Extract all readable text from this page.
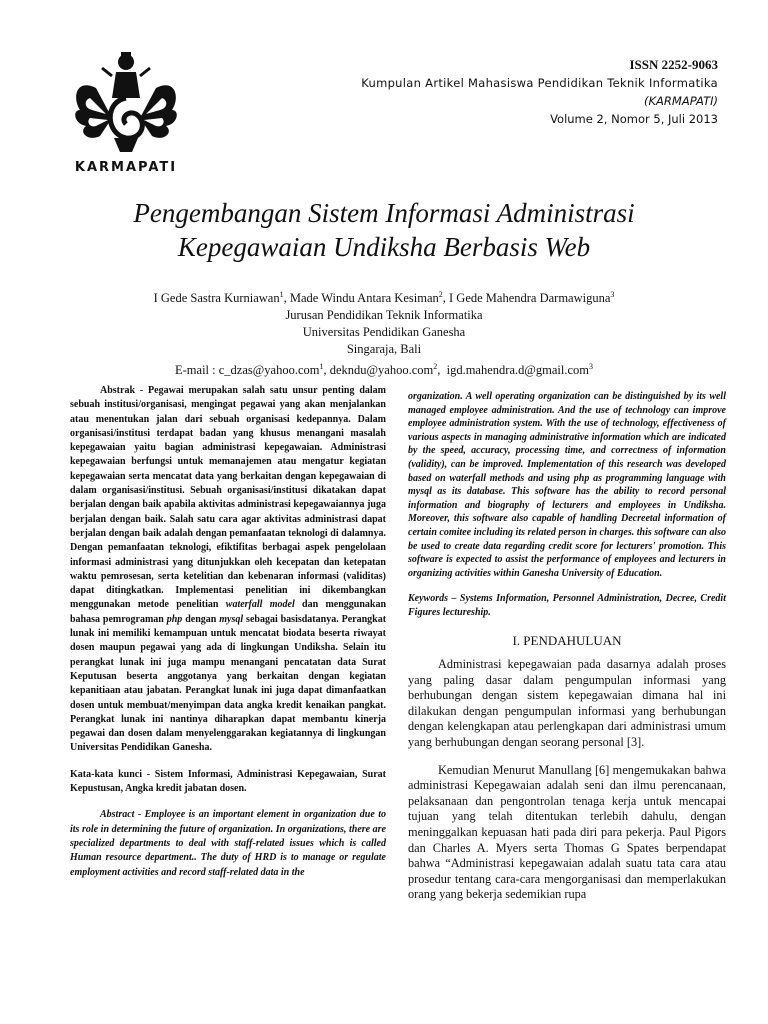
KARMAPATI
ISSN 2252-9063
Kumpulan Artikel Mahasiswa Pendidikan Teknik Informatika
(KARMAPATI)
Volume 2, Nomor 5, Juli 2013
Pengembangan Sistem Informasi Administrasi
Kepegawaian Undiksha Berbasis Web
I Gede Sastra Kurniawan$^1$, Made Windu Antara Kesiman$^2$, I Gede Mahendra Darmawiguna$^3$
Jurusan Pendidikan Teknik Informatika
Universitas Pendidikan Ganesha
Singaraja, Bali
E-mail : c_dzas@yahoo.com$^1$, dekndu@yahoo.com$^2$,  igd.mahendra.d@gmail.com$^3$

Abstrak - Pegawai merupakan salah satu unsur penting dalam sebuah institusi/organisasi, mengingat pegawai yang akan menjalankan atau menentukan jalan dari sebuah organisasi kedepannya. Dalam organisasi/institusi terdapat badan yang khusus menangani masalah kepegawaian yaitu bagian administrasi kepegawaian. Administrasi kepegawaian berfungsi untuk memanajemen atau mengatur kegiatan kepegawaian serta mencatat data yang berkaitan dengan kepegawaian di dalam organisasi/institusi. Sebuah organisasi/institusi dikatakan dapat berjalan dengan baik apabila aktivitas administrasi kepegawaiannya juga berjalan dengan baik. Salah satu cara agar aktivitas administrasi dapat berjalan dengan baik adalah dengan pemanfaatan teknologi di dalamnya. Dengan pemanfaatan teknologi, efiktifitas berbagai aspek pengelolaan informasi administrasi yang ditunjukkan oleh kecepatan dan ketepatan waktu pemrosesan, serta ketelitian dan kebenaran informasi (validitas) dapat ditingkatkan. Implementasi penelitian ini dikembangkan menggunakan metode penelitian waterfall model dan menggunakan bahasa pemrograman php dengan mysql sebagai basisdatanya. Perangkat lunak ini memiliki kemampuan untuk mencatat biodata beserta riwayat dosen maupun pegawai yang ada di lingkungan Undiksha. Selain itu perangkat lunak ini juga mampu menangani pencatatan data Surat Keputusan beserta anggotanya yang berkaitan dengan kegiatan kepanitiaan atau jabatan. Perangkat lunak ini juga dapat dimanfaatkan dosen untuk membuat/menyimpan data angka kredit kenaikan pangkat. Perangkat lunak ini nantinya diharapkan dapat membantu kinerja pegawai dan dosen dalam menyelenggarakan kegiatannya di lingkungan Universitas Pendidikan Ganesha.

Kata-kata kunci - Sistem Informasi, Administrasi Kepegawaian, Surat Kepustusan, Angka kredit jabatan dosen.

Abstract - Employee is an important element in organization due to its role in determining the future of organization. In organizations, there are specialized departments to deal with staff-related issues which is called Human resource department.. The duty of HRD is to manage or regulate employment activities and record staff-related data in the

organization. A well operating organization can be distinguished by its well managed employee administration. And the use of technology can improve employee administration system. With the use of technology, effectiveness of various aspects in managing administrative information which are indicated by the speed, accuracy, processing time, and correctness of information (validity), can be improved. Implementation of this research was developed based on waterfall methods and using php as programming language with mysql as its database. This software has the ability to record personal information and biography of lecturers and employees in Undiksha. Moreover, this software also capable of handling Decreetal information of certain comitee including its related person in charges. this software can also be used to create data regarding credit score for lecturers' promotion. This software is expected to assist the performance of employees and lecturers in organizing activities within Ganesha University of Education.

Keywords – Systems Information, Personnel Administration, Decree, Credit Figures lectureship.

I. PENDAHULUAN

Administrasi kepegawaian pada dasarnya adalah proses yang paling dasar dalam pengumpulan informasi yang berhubungan dengan sistem kepegawaian dimana hal ini dilakukan dengan pengumpulan informasi yang berhubungan dengan kelengkapan atau perlengkapan dari administrasi umum yang berhubungan dengan seorang personal [3].

Kemudian Menurut Manullang [6] mengemukakan bahwa administrasi Kepegawaian adalah seni dan ilmu perencanaan, pelaksanaan dan pengontrolan tenaga kerja untuk mencapai tujuan yang telah ditentukan terlebih dahulu, dengan meninggalkan kepuasan hati pada diri para pekerja. Paul Pigors dan Charles A. Myers serta Thomas G Spates berpendapat bahwa “Administrasi kepegawaian adalah suatu tata cara atau prosedur tentang cara-cara mengorganisasi dan memperlakukan orang yang bekerja sedemikian rupa
